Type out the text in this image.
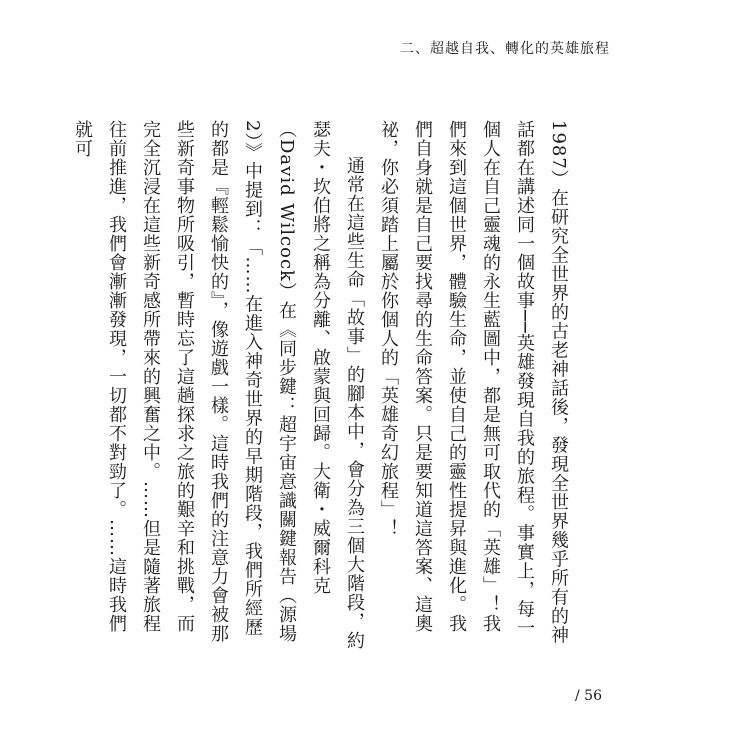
二、超越自我、轉化的英雄旅程

1987）在研究全世界的古老神話後，發現全世界幾乎所有的神話都在講述同一個故事──英雄發現自我的旅程。事實上，每一個人在自己靈魂的永生藍圖中，都是無可取代的「英雄」！我們來到這個世界，體驗生命，並使自己的靈性提昇與進化。我們自身就是自己要找尋的生命答案。只是要知道這答案、這奧祕，你必須踏上屬於你個人的「英雄奇幻旅程」！

通常在這些生命「故事」的腳本中，會分為三個大階段，約瑟夫・坎伯將之稱為分離、啟蒙與回歸。大衛・威爾科克（David Wilcock）在《同步鍵：超宇宙意識關鍵報告（源場 2）》中提到：「……在進入神奇世界的早期階段，我們所經歷的都是『輕鬆愉快的』，像遊戲一樣。這時我們的注意力會被那些新奇事物所吸引，暫時忘了這趟探求之旅的艱辛和挑戰，而完全沉浸在這些新奇感所帶來的興奮之中。……但是隨著旅程往前推進，我們會漸漸發現，一切都不對勁了。……這時我們就可

/ 56
